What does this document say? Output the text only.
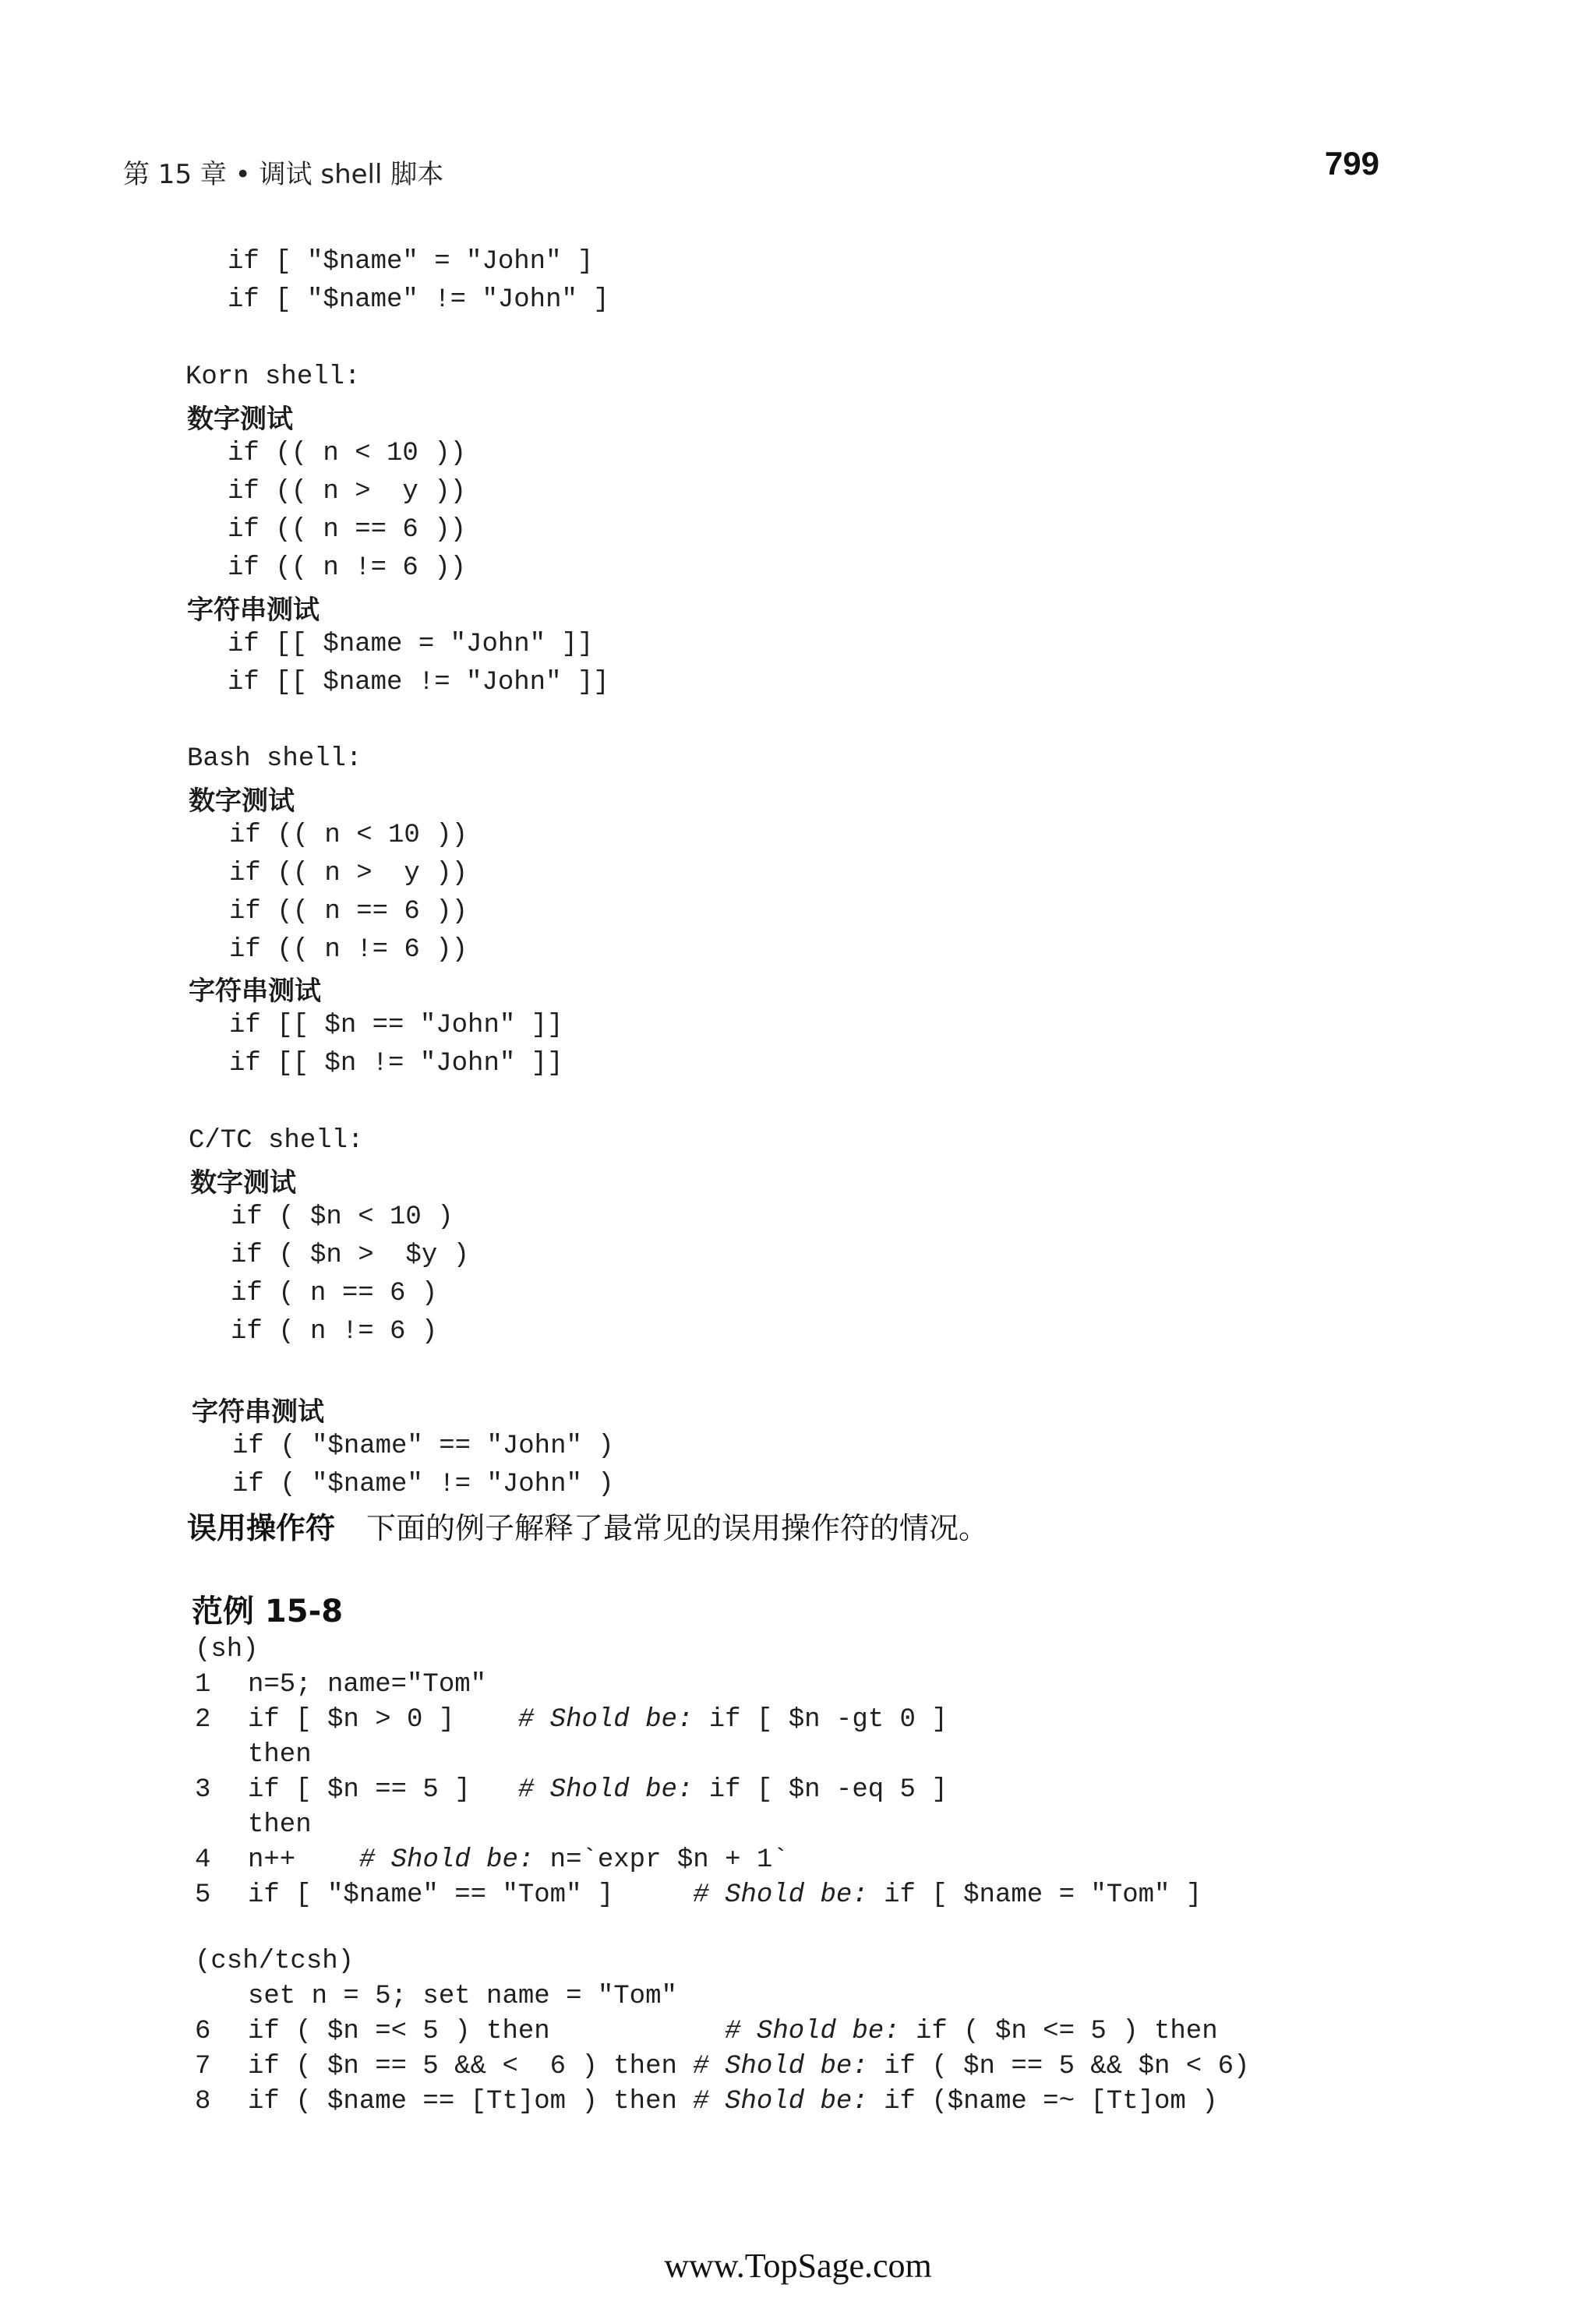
第 15 章 • 调试 shell 脚本	799
if [ "$name" = "John" ]
if [ "$name" != "John" ]
Korn shell:
数字测试
if (( n < 10 ))
if (( n >  y ))
if (( n == 6 ))
if (( n != 6 ))
字符串测试
if [[ $name = "John" ]]
if [[ $name != "John" ]]
Bash shell:
数字测试
if (( n < 10 ))
if (( n >  y ))
if (( n == 6 ))
if (( n != 6 ))
字符串测试
if [[ $n == "John" ]]
if [[ $n != "John" ]]
C/TC shell:
数字测试
if ( $n < 10 )
if ( $n >  $y )
if ( n == 6 )
if ( n != 6 )
字符串测试
if ( "$name" == "John" )
if ( "$name" != "John" )
误用操作符 下面的例子解释了最常见的误用操作符的情况。
范例 15-8
(sh)
1 n=5; name="Tom"
2 if [ $n > 0 ]    # Shold be: if [ $n -gt 0 ]
then
3 if [ $n == 5 ]   # Shold be: if [ $n -eq 5 ]
then
4 n++    # Shold be: n=`expr $n + 1`
5 if [ "$name" == "Tom" ]     # Shold be: if [ $name = "Tom" ]
(csh/tcsh)
set n = 5; set name = "Tom"
6 if ( $n =< 5 ) then           # Shold be: if ( $n <= 5 ) then
7 if ( $n == 5 && <  6 ) then # Shold be: if ( $n == 5 && $n < 6)
8 if ( $name == [Tt]om ) then # Shold be: if ($name =~ [Tt]om )
www.TopSage.com
